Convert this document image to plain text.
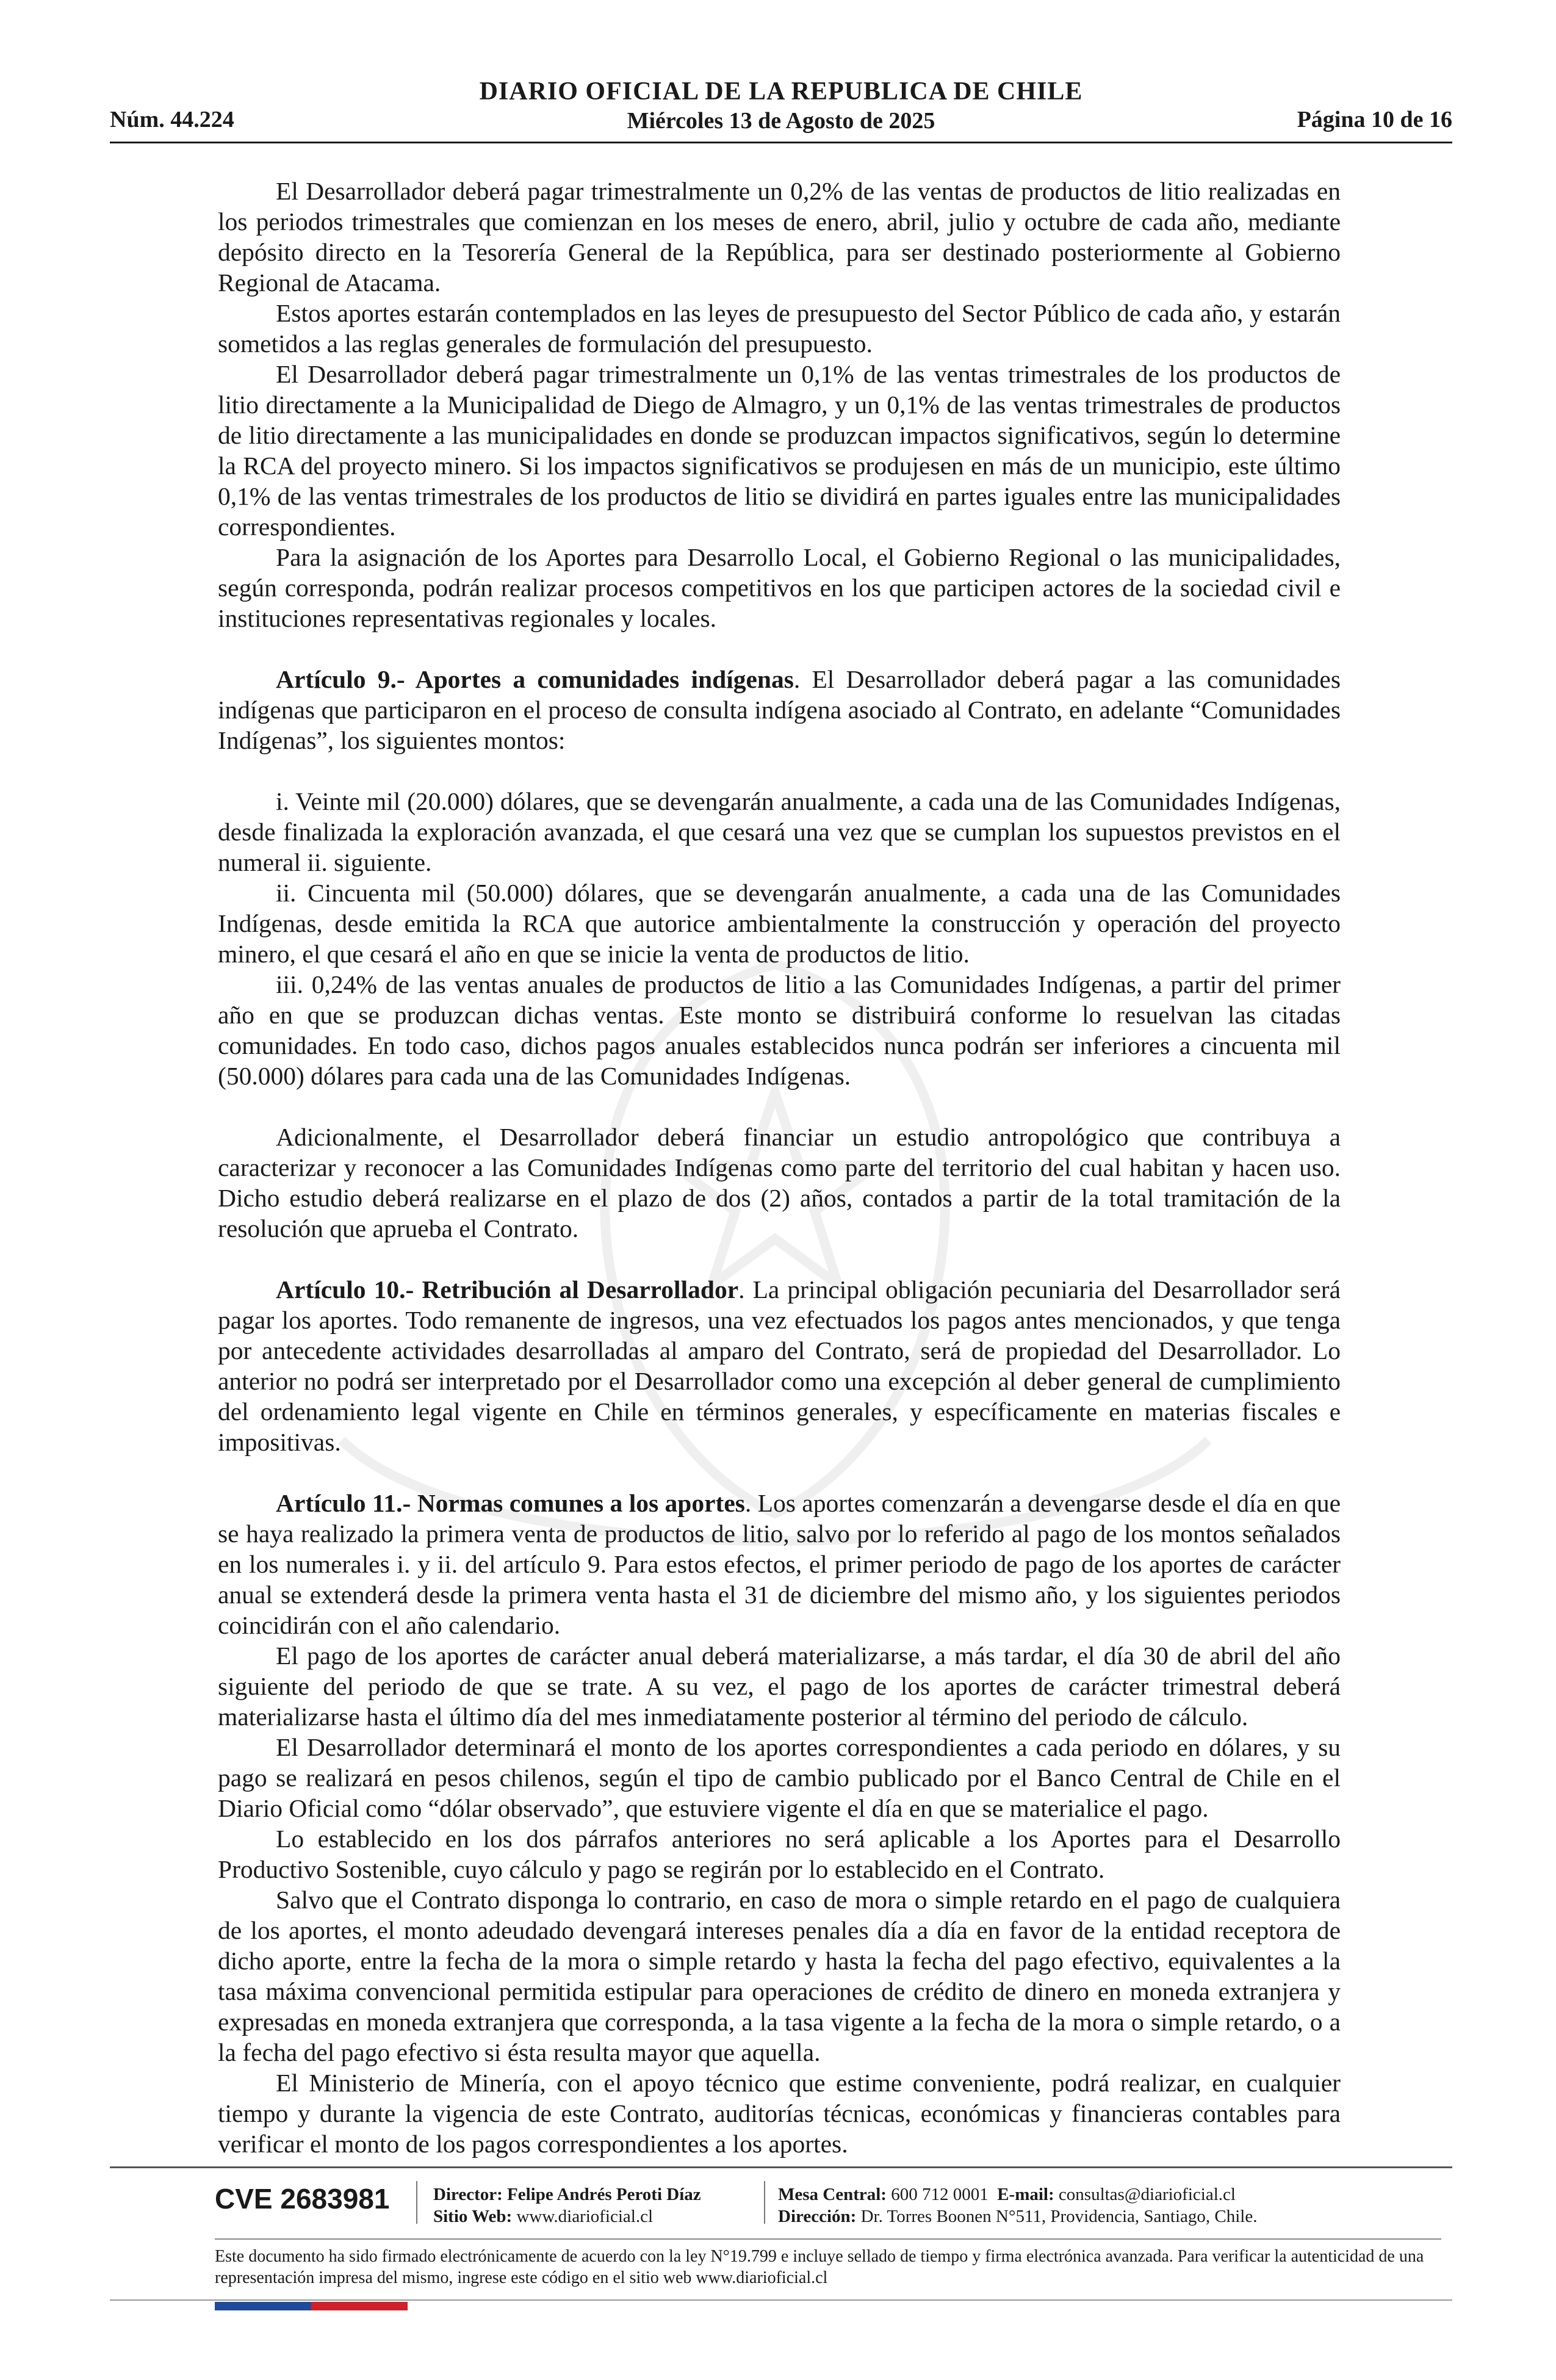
Núm. 44.224
DIARIO OFICIAL DE LA REPUBLICA DE CHILE
Miércoles 13 de Agosto de 2025	Página 10 de 16

El Desarrollador deberá pagar trimestralmente un 0,2% de las ventas de productos de litio realizadas en los periodos trimestrales que comienzan en los meses de enero, abril, julio y octubre de cada año, mediante depósito directo en la Tesorería General de la República, para ser destinado posteriormente al Gobierno Regional de Atacama.

Estos aportes estarán contemplados en las leyes de presupuesto del Sector Público de cada año, y estarán sometidos a las reglas generales de formulación del presupuesto.

El Desarrollador deberá pagar trimestralmente un 0,1% de las ventas trimestrales de los productos de litio directamente a la Municipalidad de Diego de Almagro, y un 0,1% de las ventas trimestrales de productos de litio directamente a las municipalidades en donde se produzcan impactos significativos, según lo determine la RCA del proyecto minero. Si los impactos significativos se produjesen en más de un municipio, este último 0,1% de las ventas trimestrales de los productos de litio se dividirá en partes iguales entre las municipalidades correspondientes.

Para la asignación de los Aportes para Desarrollo Local, el Gobierno Regional o las municipalidades, según corresponda, podrán realizar procesos competitivos en los que participen actores de la sociedad civil e instituciones representativas regionales y locales.

Artículo 9.- Aportes a comunidades indígenas. El Desarrollador deberá pagar a las comunidades indígenas que participaron en el proceso de consulta indígena asociado al Contrato, en adelante “Comunidades Indígenas”, los siguientes montos:

i. Veinte mil (20.000) dólares, que se devengarán anualmente, a cada una de las Comunidades Indígenas, desde finalizada la exploración avanzada, el que cesará una vez que se cumplan los supuestos previstos en el numeral ii. siguiente.

ii. Cincuenta mil (50.000) dólares, que se devengarán anualmente, a cada una de las Comunidades Indígenas, desde emitida la RCA que autorice ambientalmente la construcción y operación del proyecto minero, el que cesará el año en que se inicie la venta de productos de litio.

iii. 0,24% de las ventas anuales de productos de litio a las Comunidades Indígenas, a partir del primer año en que se produzcan dichas ventas. Este monto se distribuirá conforme lo resuelvan las citadas comunidades. En todo caso, dichos pagos anuales establecidos nunca podrán ser inferiores a cincuenta mil (50.000) dólares para cada una de las Comunidades Indígenas.

Adicionalmente, el Desarrollador deberá financiar un estudio antropológico que contribuya a caracterizar y reconocer a las Comunidades Indígenas como parte del territorio del cual habitan y hacen uso. Dicho estudio deberá realizarse en el plazo de dos (2) años, contados a partir de la total tramitación de la resolución que aprueba el Contrato.

Artículo 10.- Retribución al Desarrollador. La principal obligación pecuniaria del Desarrollador será pagar los aportes. Todo remanente de ingresos, una vez efectuados los pagos antes mencionados, y que tenga por antecedente actividades desarrolladas al amparo del Contrato, será de propiedad del Desarrollador. Lo anterior no podrá ser interpretado por el Desarrollador como una excepción al deber general de cumplimiento del ordenamiento legal vigente en Chile en términos generales, y específicamente en materias fiscales e impositivas.

Artículo 11.- Normas comunes a los aportes. Los aportes comenzarán a devengarse desde el día en que se haya realizado la primera venta de productos de litio, salvo por lo referido al pago de los montos señalados en los numerales i. y ii. del artículo 9. Para estos efectos, el primer periodo de pago de los aportes de carácter anual se extenderá desde la primera venta hasta el 31 de diciembre del mismo año, y los siguientes periodos coincidirán con el año calendario.

El pago de los aportes de carácter anual deberá materializarse, a más tardar, el día 30 de abril del año siguiente del periodo de que se trate. A su vez, el pago de los aportes de carácter trimestral deberá materializarse hasta el último día del mes inmediatamente posterior al término del periodo de cálculo.

El Desarrollador determinará el monto de los aportes correspondientes a cada periodo en dólares, y su pago se realizará en pesos chilenos, según el tipo de cambio publicado por el Banco Central de Chile en el Diario Oficial como “dólar observado”, que estuviere vigente el día en que se materialice el pago.

Lo establecido en los dos párrafos anteriores no será aplicable a los Aportes para el Desarrollo Productivo Sostenible, cuyo cálculo y pago se regirán por lo establecido en el Contrato.

Salvo que el Contrato disponga lo contrario, en caso de mora o simple retardo en el pago de cualquiera de los aportes, el monto adeudado devengará intereses penales día a día en favor de la entidad receptora de dicho aporte, entre la fecha de la mora o simple retardo y hasta la fecha del pago efectivo, equivalentes a la tasa máxima convencional permitida estipular para operaciones de crédito de dinero en moneda extranjera y expresadas en moneda extranjera que corresponda, a la tasa vigente a la fecha de la mora o simple retardo, o a la fecha del pago efectivo si ésta resulta mayor que aquella.

El Ministerio de Minería, con el apoyo técnico que estime conveniente, podrá realizar, en cualquier tiempo y durante la vigencia de este Contrato, auditorías técnicas, económicas y financieras contables para verificar el monto de los pagos correspondientes a los aportes.

CVE 2683981 Director: Felipe Andrés Peroti Díaz
Sitio Web: www.diarioficial.cl
Mesa Central: 600 712 0001 E-mail: consultas@diarioficial.cl
Dirección: Dr. Torres Boonen N°511, Providencia, Santiago, Chile.
Este documento ha sido firmado electrónicamente de acuerdo con la ley N°19.799 e incluye sellado de tiempo y firma electrónica avanzada. Para verificar la autenticidad de una representación impresa del mismo, ingrese este código en el sitio web www.diarioficial.cl
